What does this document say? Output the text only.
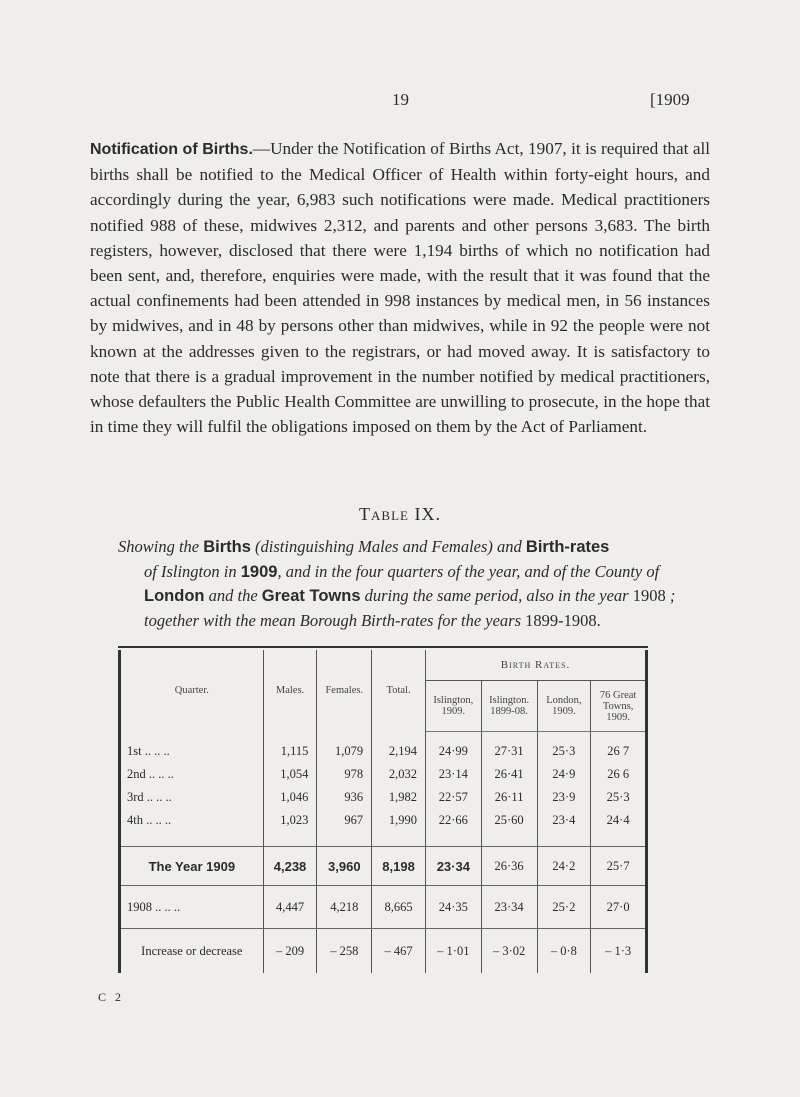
19	[1909
Notification of Births.—Under the Notification of Births Act, 1907, it is required that all births shall be notified to the Medical Officer of Health within forty-eight hours, and accordingly during the year, 6,983 such notifications were made. Medical practitioners notified 988 of these, midwives 2,312, and parents and other persons 3,683. The birth registers, however, disclosed that there were 1,194 births of which no notification had been sent, and, therefore, enquiries were made, with the result that it was found that the actual confinements had been attended in 998 instances by medical men, in 56 instances by midwives, and in 48 by persons other than midwives, while in 92 the people were not known at the addresses given to the registrars, or had moved away. It is satisfactory to note that there is a gradual improvement in the number notified by medical practitioners, whose defaulters the Public Health Committee are unwilling to prosecute, in the hope that in time they will fulfil the obligations imposed on them by the Act of Parliament.
Table IX.
Showing the Births (distinguishing Males and Females) and Birth-rates
of Islington in 1909, and in the four quarters of the year, and of the County of London and the Great Towns during the same period, also in the year 1908 ; together with the mean Borough Birth-rates for the years 1899-1908.
Quarter.	Males.	Females.	Total.	Birth Rates.			
				Islington, 1909.	Islington. 1899-08.	London, 1909.	76 Great Towns, 1909.
1st .. .. ..	1,115	1,079	2,194	24·99	27·31	25·3	26 7
2nd .. .. ..	1,054	978	2,032	23·14	26·41	24·9	26 6
3rd .. .. ..	1,046	936	1,982	22·57	26·11	23·9	25·3
4th .. .. ..	1,023	967	1,990	22·66	25·60	23·4	24·4

The Year 1909	4,238	3,960	8,198	23·34	26·36	24·2	25·7
1908 .. .. ..	4,447	4,218	8,665	24·35	23·34	25·2	27·0
Increase or decrease	– 209	– 258	– 467	– 1·01	– 3·02	– 0·8	– 1·3
C 2
